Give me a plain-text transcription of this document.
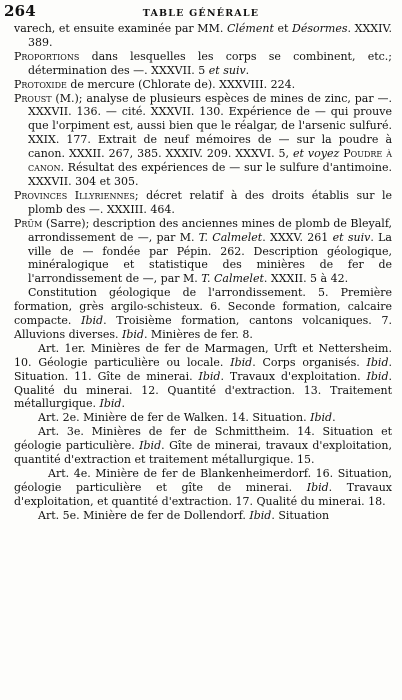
264	TABLE GÉNÉRALE

varech, et ensuite examinée par MM. Clément et Désormes. XXXIV. 389.

Proportions dans lesquelles les corps se combinent, etc.; détermination des —. XXXVII. 5 et suiv.

Protoxide de mercure (Chlorate de). XXXVIII. 224.

Proust (M.); analyse de plusieurs espèces de mines de zinc, par —. XXXVII. 136. — cité. XXXVII. 130. Expérience de — qui prouve que l'orpiment est, aussi bien que le réalgar, de l'arsenic sulfuré. XXIX. 177. Extrait de neuf mémoires de — sur la poudre à canon. XXXII. 267, 385. XXXIV. 209. XXXVI. 5, et voyez Poudre à canon. Résultat des expériences de — sur le sulfure d'antimoine. XXXVII. 304 et 305.

Provinces Illyriennes; décret relatif à des droits établis sur le plomb des —. XXXIII. 464.

Prüm (Sarre); description des anciennes mines de plomb de Bleyalf, arrondissement de —, par M. T. Calmelet. XXXV. 261 et suiv. La ville de — fondée par Pépin. 262. Description géologique, minéralogique et statistique des minières de fer de l'arrondissement de —, par M. T. Calmelet. XXXII. 5 à 42.

Constitution géologique de l'arrondissement. 5. Première formation, grès argilo-schisteux. 6. Seconde formation, calcaire compacte. Ibid. Troisième formation, cantons volcaniques. 7. Alluvions diverses. Ibid. Minières de fer. 8.

Art. 1er. Minières de fer de Marmagen, Urft et Nettersheim. 10. Géologie particulière ou locale. Ibid. Corps organisés. Ibid. Situation. 11. Gîte de minerai. Ibid. Travaux d'exploitation. Ibid. Qualité du minerai. 12. Quantité d'extraction. 13. Traitement métallurgique. Ibid.

Art. 2e. Minière de fer de Walken. 14. Situation. Ibid.

Art. 3e. Minières de fer de Schmittheim. 14. Situation et géologie particulière. Ibid. Gîte de minerai, travaux d'exploitation, quantité d'extraction et traitement métallurgique. 15.

Art. 4e. Minière de fer de Blankenheimerdorf. 16. Situation, géologie particulière et gîte de minerai. Ibid. Travaux d'exploitation, et quantité d'extraction. 17. Qualité du minerai. 18.

Art. 5e. Minière de fer de Dollendorf. Ibid. Situation
